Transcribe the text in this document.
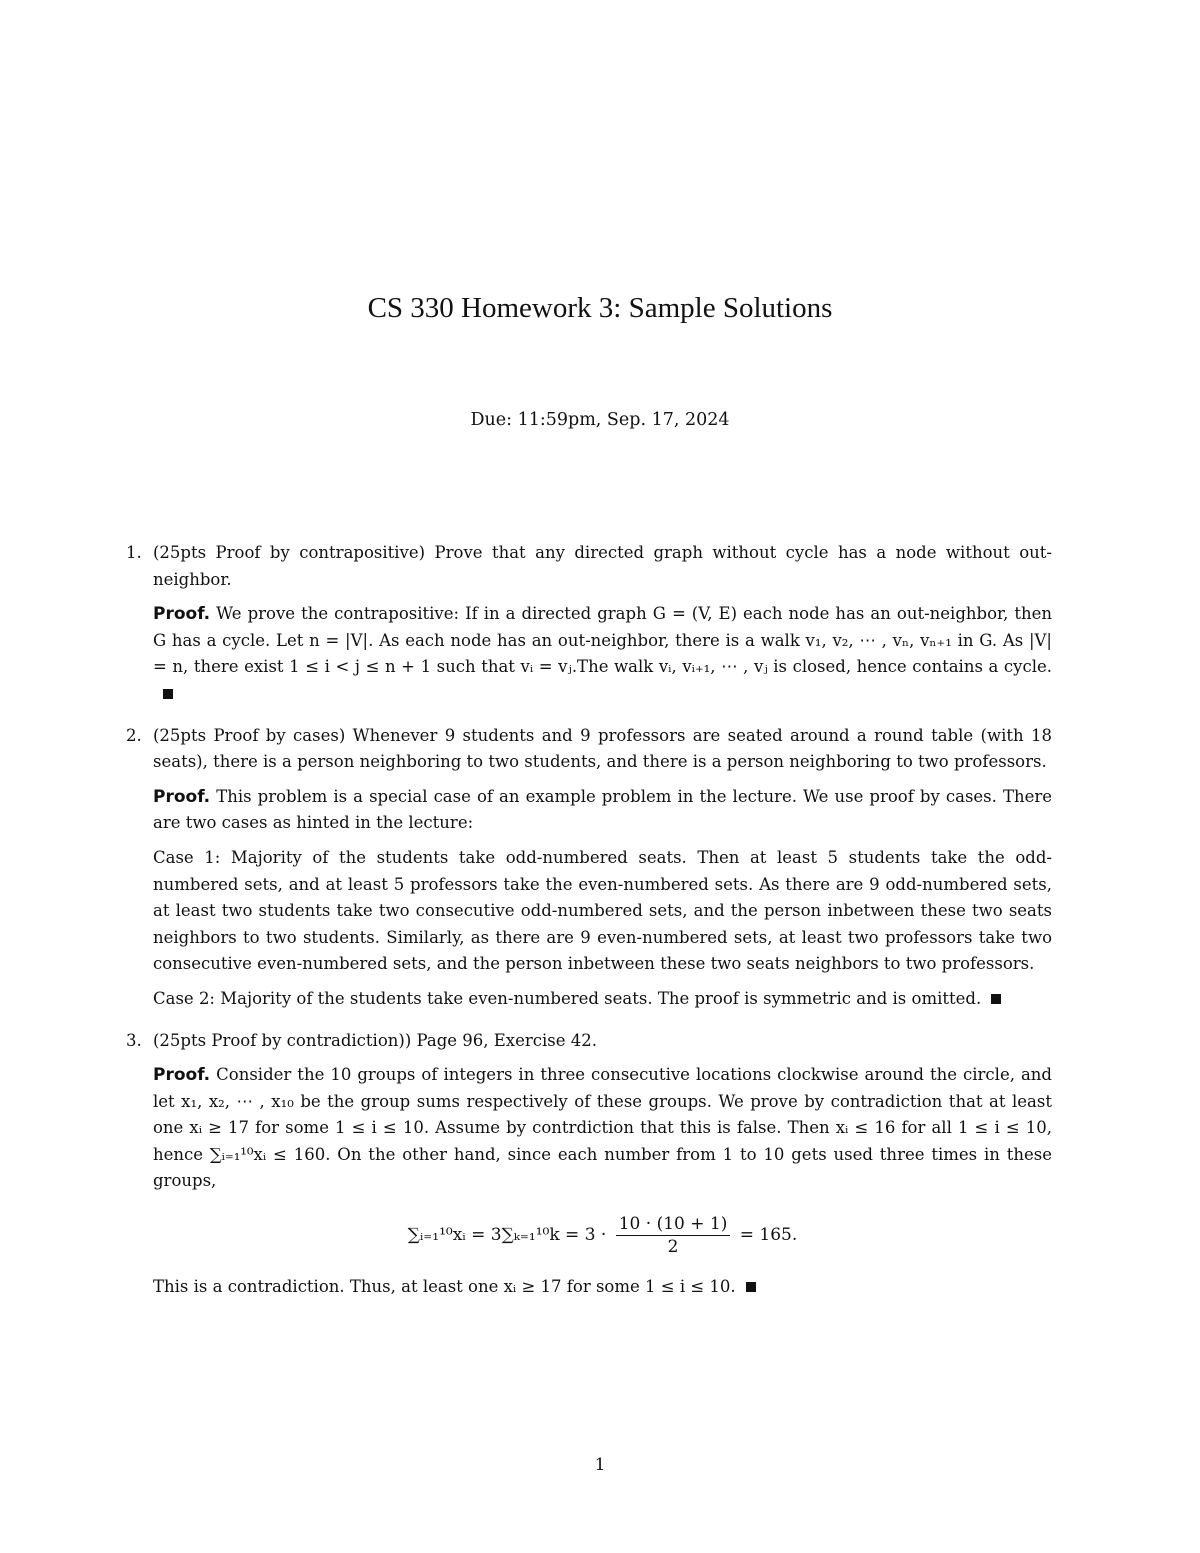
CS 330 Homework 3: Sample Solutions
Due: 11:59pm, Sep. 17, 2024
1. (25pts Proof by contrapositive) Prove that any directed graph without cycle has a node without out-neighbor.

Proof. We prove the contrapositive: If in a directed graph G = (V, E) each node has an out-neighbor, then G has a cycle. Let n = |V|. As each node has an out-neighbor, there is a walk v₁, v₂, ⋯ , vₙ, vₙ₊₁ in G. As |V| = n, there exist 1 ≤ i < j ≤ n + 1 such that vᵢ = vⱼ.The walk vᵢ, vᵢ₊₁, ⋯ , vⱼ is closed, hence contains a cycle.

2. (25pts Proof by cases) Whenever 9 students and 9 professors are seated around a round table (with 18 seats), there is a person neighboring to two students, and there is a person neighboring to two professors.

Proof. This problem is a special case of an example problem in the lecture. We use proof by cases. There are two cases as hinted in the lecture:

Case 1: Majority of the students take odd-numbered seats. Then at least 5 students take the odd-numbered sets, and at least 5 professors take the even-numbered sets. As there are 9 odd-numbered sets, at least two students take two consecutive odd-numbered sets, and the person inbetween these two seats neighbors to two students. Similarly, as there are 9 even-numbered sets, at least two professors take two consecutive even-numbered sets, and the person inbetween these two seats neighbors to two professors.

Case 2: Majority of the students take even-numbered seats. The proof is symmetric and is omitted.

3. (25pts Proof by contradiction)) Page 96, Exercise 42.

Proof. Consider the 10 groups of integers in three consecutive locations clockwise around the circle, and let x₁, x₂, ⋯ , x₁₀ be the group sums respectively of these groups. We prove by contradiction that at least one xᵢ ≥ 17 for some 1 ≤ i ≤ 10. Assume by contrdiction that this is false. Then xᵢ ≤ 16 for all 1 ≤ i ≤ 10, hence ∑ᵢ₌₁¹⁰xᵢ ≤ 160. On the other hand, since each number from 1 to 10 gets used three times in these groups,

∑ᵢ₌₁¹⁰xᵢ = $3\sum_{k=1}^{10}k = 3 \cdot \frac{10 \cdot (10 + 1)}{2} = 165$.

This is a contradiction. Thus, at least one xᵢ ≥ 17 for some 1 ≤ i ≤ 10.

1
